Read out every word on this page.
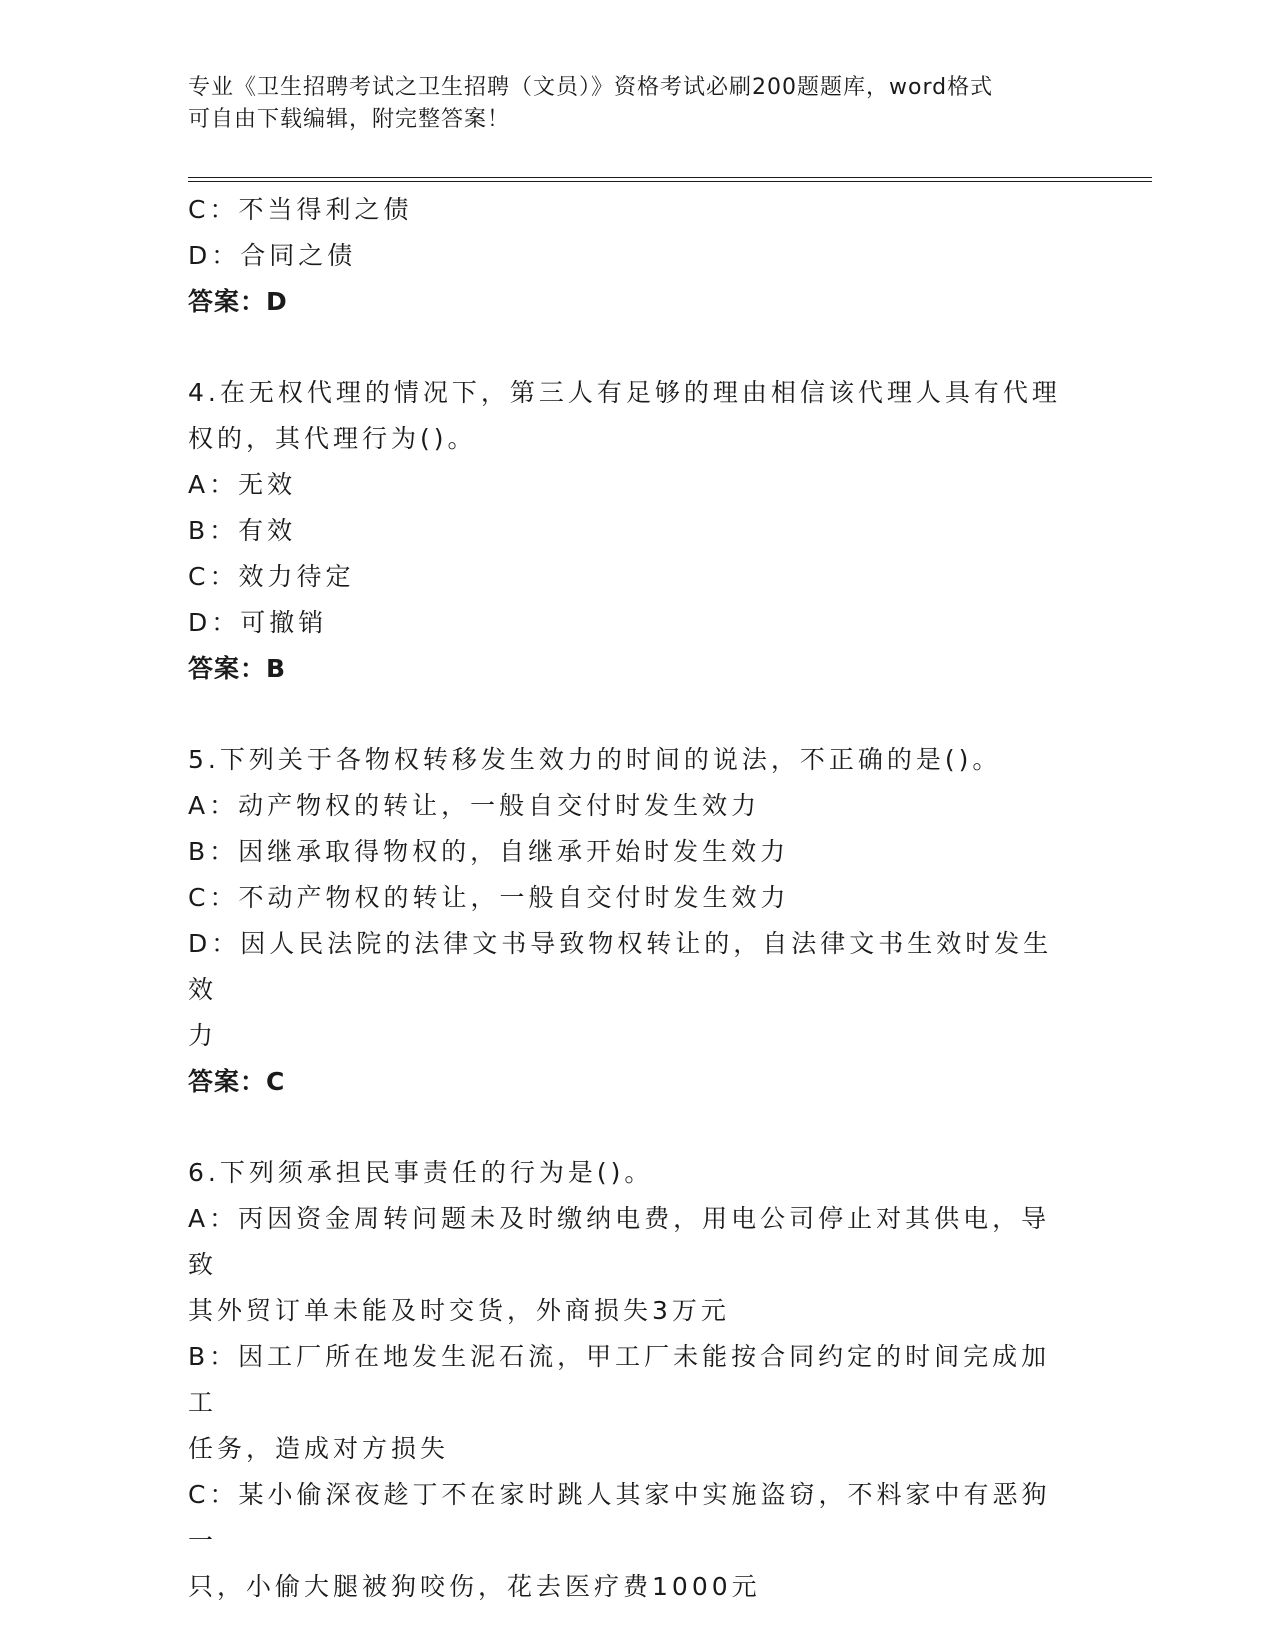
专业《卫生招聘考试之卫生招聘（文员）》资格考试必刷200题题库，word格式
可自由下载编辑，附完整答案！
C：不当得利之债
D：合同之债
答案：D
4.在无权代理的情况下，第三人有足够的理由相信该代理人具有代理
权的，其代理行为()。
A：无效
B：有效
C：效力待定
D：可撤销
答案：B
5.下列关于各物权转移发生效力的时间的说法，不正确的是()。
A：动产物权的转让，一般自交付时发生效力
B：因继承取得物权的，自继承开始时发生效力
C：不动产物权的转让，一般自交付时发生效力
D：因人民法院的法律文书导致物权转让的，自法律文书生效时发生效
力
答案：C
6.下列须承担民事责任的行为是()。
A：丙因资金周转问题未及时缴纳电费，用电公司停止对其供电，导致
其外贸订单未能及时交货，外商损失3万元
B：因工厂所在地发生泥石流，甲工厂未能按合同约定的时间完成加工
任务，造成对方损失
C：某小偷深夜趁丁不在家时跳人其家中实施盗窃，不料家中有恶狗一
只，小偷大腿被狗咬伤，花去医疗费1000元
